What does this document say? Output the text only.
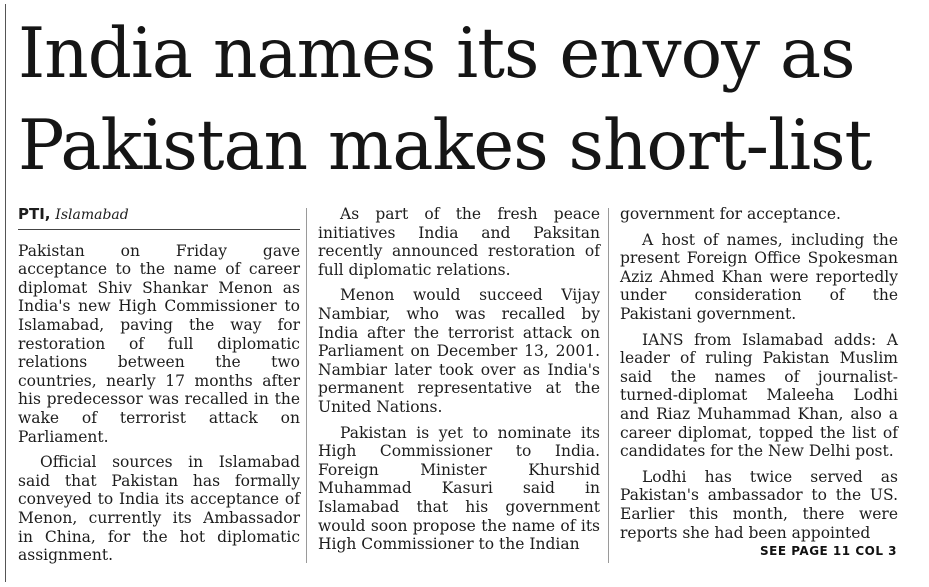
India names its envoy as
Pakistan makes short-list
PTI, Islamabad

Pakistan on Friday gave acceptance to the name of career diplomat Shiv Shankar Menon as India's new High Commissioner to Islamabad, paving the way for restoration of full diplomatic relations between the two countries, nearly 17 months after his predecessor was recalled in the wake of terrorist attack on Parliament.

Official sources in Islamabad said that Pakistan has formally conveyed to India its acceptance of Menon, currently its Ambassador in China, for the hot diplomatic assignment.

As part of the fresh peace initiatives India and Paksitan recently announced restoration of full diplomatic relations.

Menon would succeed Vijay Nambiar, who was recalled by India after the terrorist attack on Parliament on December 13, 2001. Nambiar later took over as India's permanent representative at the United Nations.

Pakistan is yet to nominate its High Commissioner to India. Foreign Minister Khurshid Muhammad Kasuri said in Islamabad that his government would soon propose the name of its High Commissioner to the Indian

government for acceptance.

A host of names, including the present Foreign Office Spokesman Aziz Ahmed Khan were reportedly under consideration of the Pakistani government.

IANS from Islamabad adds: A leader of ruling Pakistan Muslim said the names of journalist-turned-diplomat Maleeha Lodhi and Riaz Muhammad Khan, also a career diplomat, topped the list of candidates for the New Delhi post.

Lodhi has twice served as Pakistan's ambassador to the US. Earlier this month, there were reports she had been appointed

SEE PAGE 11 COL 3
